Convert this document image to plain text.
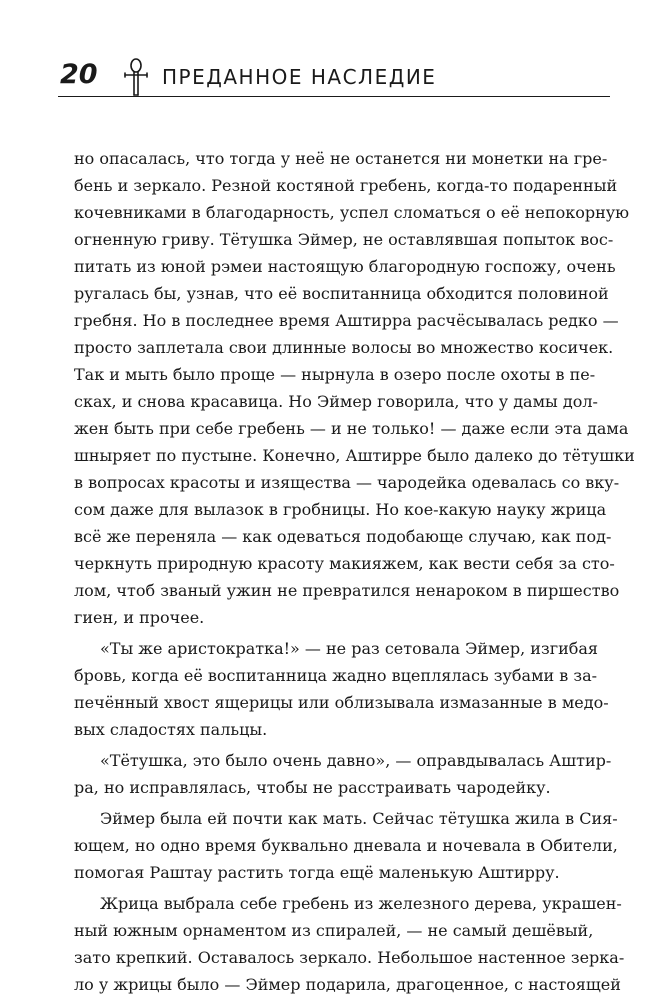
20	ПРЕДАННОЕ НАСЛЕДИЕ
но опасалась, что тогда у неё не останется ни монетки на гре-
бень и зеркало. Резной костяной гребень, когда-то подаренный
кочевниками в благодарность, успел сломаться о её непокорную
огненную гриву. Тётушка Эймер, не оставлявшая попыток вос-
питать из юной рэмеи настоящую благородную госпожу, очень
ругалась бы, узнав, что её воспитанница обходится половиной
гребня. Но в последнее время Аштирра расчёсывалась редко —
просто заплетала свои длинные волосы во множество косичек.
Так и мыть было проще — нырнула в озеро после охоты в пе-
сках, и снова красавица. Но Эймер говорила, что у дамы дол-
жен быть при себе гребень — и не только! — даже если эта дама
шныряет по пустыне. Конечно, Аштирре было далеко до тётушки
в вопросах красоты и изящества — чародейка одевалась со вку-
сом даже для вылазок в гробницы. Но кое-какую науку жрица
всё же переняла — как одеваться подобающе случаю, как под-
черкнуть природную красоту макияжем, как вести себя за сто-
лом, чтоб званый ужин не превратился ненароком в пиршество
гиен, и прочее.
«Ты же аристократка!» — не раз сетовала Эймер, изгибая
бровь, когда её воспитанница жадно вцеплялась зубами в за-
печённый хвост ящерицы или облизывала измазанные в медо-
вых сладостях пальцы.
«Тётушка, это было очень давно», — оправдывалась Аштир-
ра, но исправлялась, чтобы не расстраивать чародейку.
Эймер была ей почти как мать. Сейчас тётушка жила в Сия-
ющем, но одно время буквально дневала и ночевала в Обители,
помогая Раштау растить тогда ещё маленькую Аштирру.
Жрица выбрала себе гребень из железного дерева, украшен-
ный южным орнаментом из спиралей, — не самый дешёвый,
зато крепкий. Оставалось зеркало. Небольшое настенное зерка-
ло у жрицы было — Эймер подарила, драгоценное, с настоящей
